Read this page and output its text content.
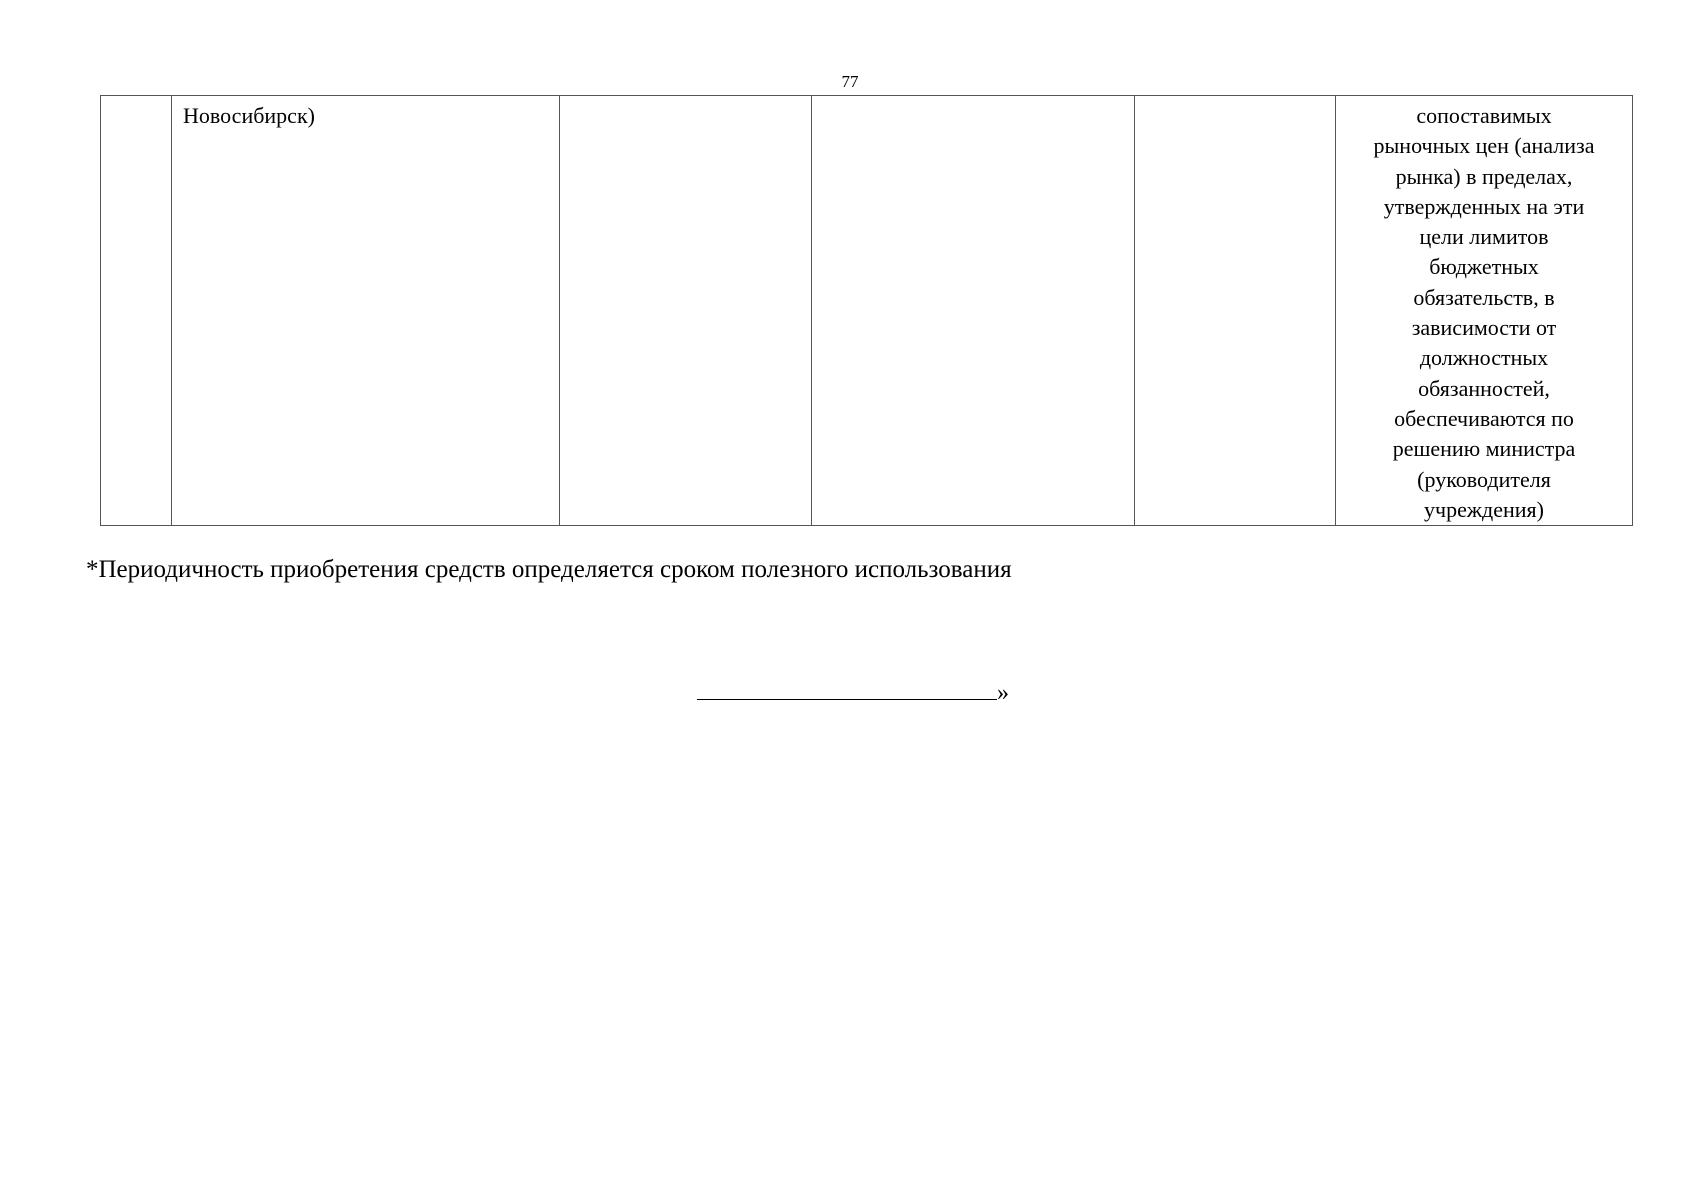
77
	Новосибирск)				сопоставимых
рыночных цен (анализа
рынка) в пределах,
утвержденных на эти
цели лимитов
бюджетных
обязательств, в
зависимости от
должностных
обязанностей,
обеспечиваются по
решению министра
(руководителя
учреждения)
*Периодичность приобретения средств определяется сроком полезного использования
»
